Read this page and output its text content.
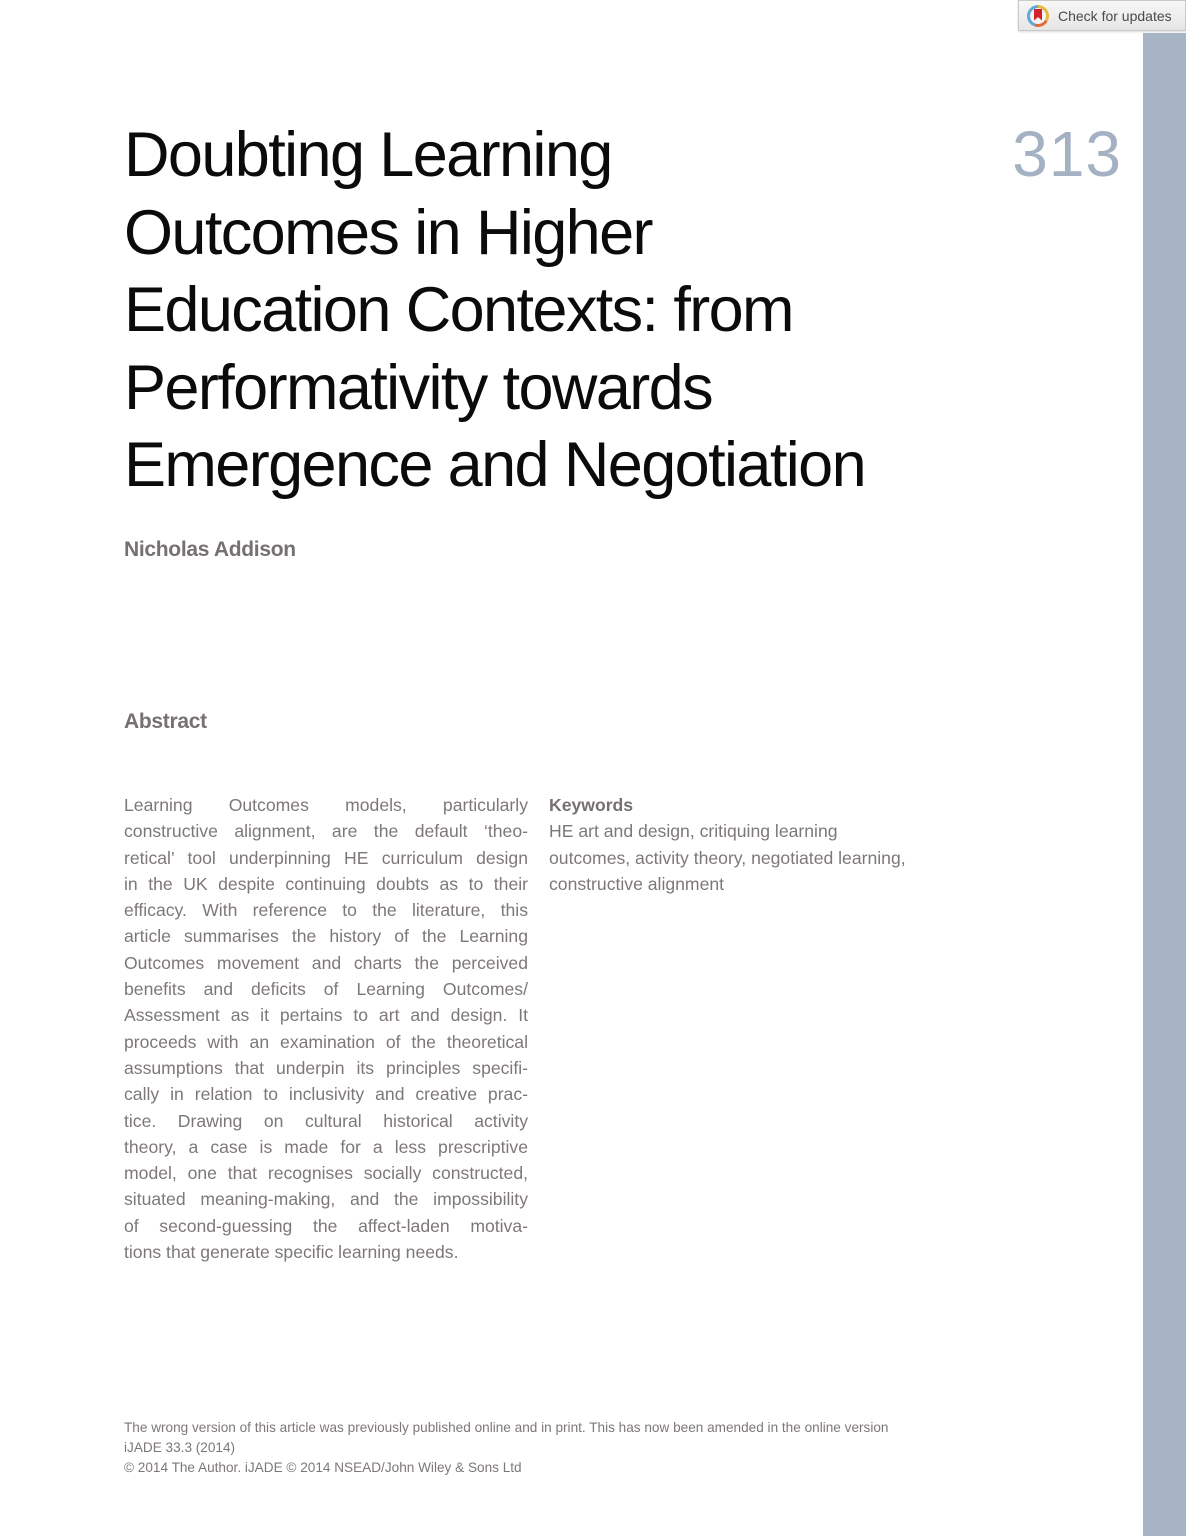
Check for updates
313
Doubting Learning
Outcomes in Higher
Education Contexts: from
Performativity towards
Emergence and Negotiation
Nicholas Addison
Abstract
Learning Outcomes models, particularly
constructive alignment, are the default ‘theo-
retical’ tool underpinning HE curriculum design
in the UK despite continuing doubts as to their
efficacy. With reference to the literature, this
article summarises the history of the Learning
Outcomes movement and charts the perceived
benefits and deficits of Learning Outcomes/
Assessment as it pertains to art and design. It
proceeds with an examination of the theoretical
assumptions that underpin its principles specifi-
cally in relation to inclusivity and creative prac-
tice. Drawing on cultural historical activity
theory, a case is made for a less prescriptive
model, one that recognises socially constructed,
situated meaning-making, and the impossibility
of second-guessing the affect-laden motiva-
tions that generate specific learning needs.
Keywords
HE art and design, critiquing learning
outcomes, activity theory, negotiated learning,
constructive alignment
The wrong version of this article was previously published online and in print. This has now been amended in the online version
iJADE 33.3 (2014)
© 2014 The Author. iJADE © 2014 NSEAD/John Wiley & Sons Ltd
